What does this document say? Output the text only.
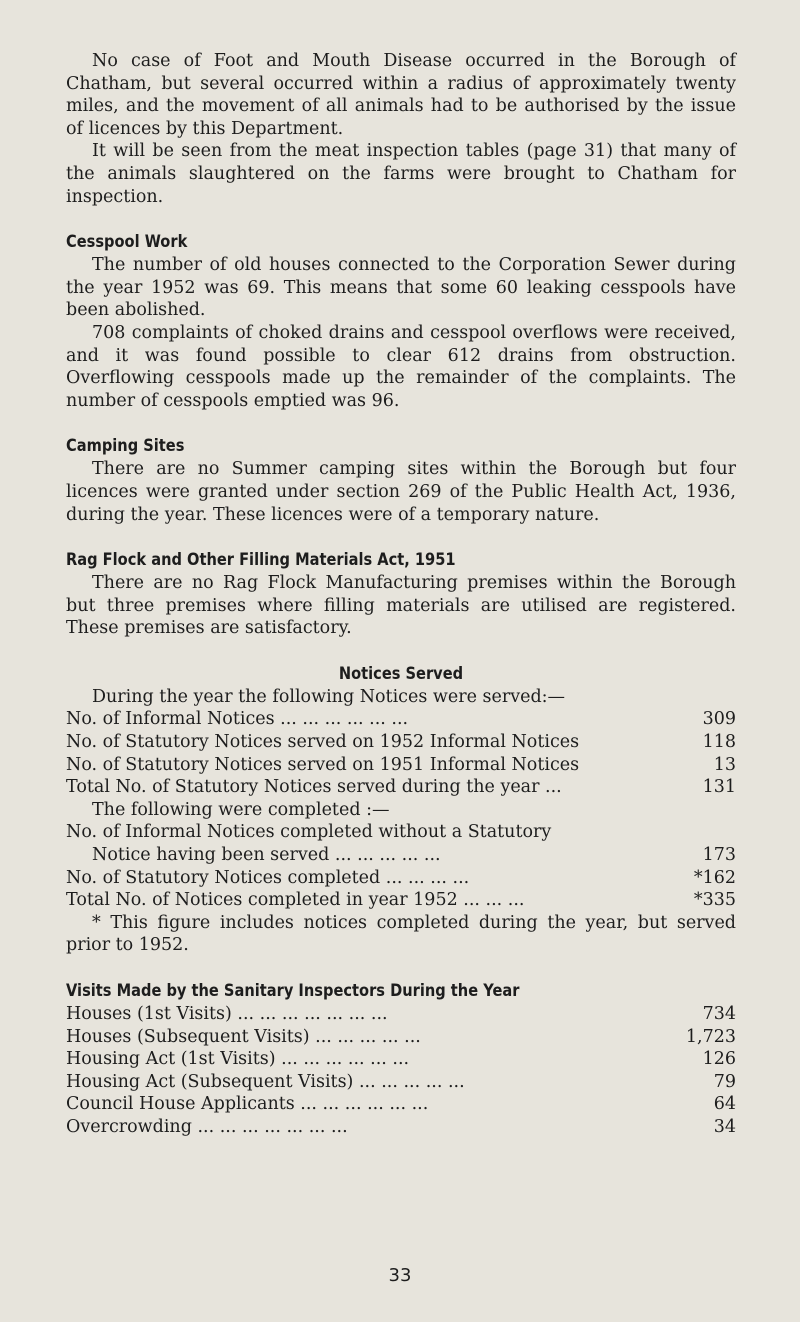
No case of Foot and Mouth Disease occurred in the Borough of Chatham, but several occurred within a radius of approximately twenty miles, and the movement of all animals had to be authorised by the issue of licences by this Department.

It will be seen from the meat inspection tables (page 31) that many of the animals slaughtered on the farms were brought to Chatham for inspection.

Cesspool Work

The number of old houses connected to the Corporation Sewer during the year 1952 was 69. This means that some 60 leaking cesspools have been abolished.

708 complaints of choked drains and cesspool overflows were received, and it was found possible to clear 612 drains from obstruction. Overflowing cesspools made up the remainder of the complaints. The number of cesspools emptied was 96.

Camping Sites

There are no Summer camping sites within the Borough but four licences were granted under section 269 of the Public Health Act, 1936, during the year. These licences were of a temporary nature.

Rag Flock and Other Filling Materials Act, 1951

There are no Rag Flock Manufacturing premises within the Borough but three premises where filling materials are utilised are registered. These premises are satisfactory.

Notices Served

During the year the following Notices were served:—

No. of Informal Notices ... ... ... ... ... ...	309
No. of Statutory Notices served on 1952 Informal Notices	118
No. of Statutory Notices served on 1951 Informal Notices	13
Total No. of Statutory Notices served during the year ...	131

The following were completed :—

No. of Informal Notices completed without a Statutory
Notice having been served ... ... ... ... ...	173
No. of Statutory Notices completed ... ... ... ...	*162
Total No. of Notices completed in year 1952 ... ... ...	*335

* This figure includes notices completed during the year, but served prior to 1952.

Visits Made by the Sanitary Inspectors During the Year
Houses (1st Visits) ... ... ... ... ... ... ...	734
Houses (Subsequent Visits) ... ... ... ... ...	1,723
Housing Act (1st Visits) ... ... ... ... ... ...	126
Housing Act (Subsequent Visits) ... ... ... ... ...	79
Council House Applicants ... ... ... ... ... ...	64
Overcrowding ... ... ... ... ... ... ...	34
33
